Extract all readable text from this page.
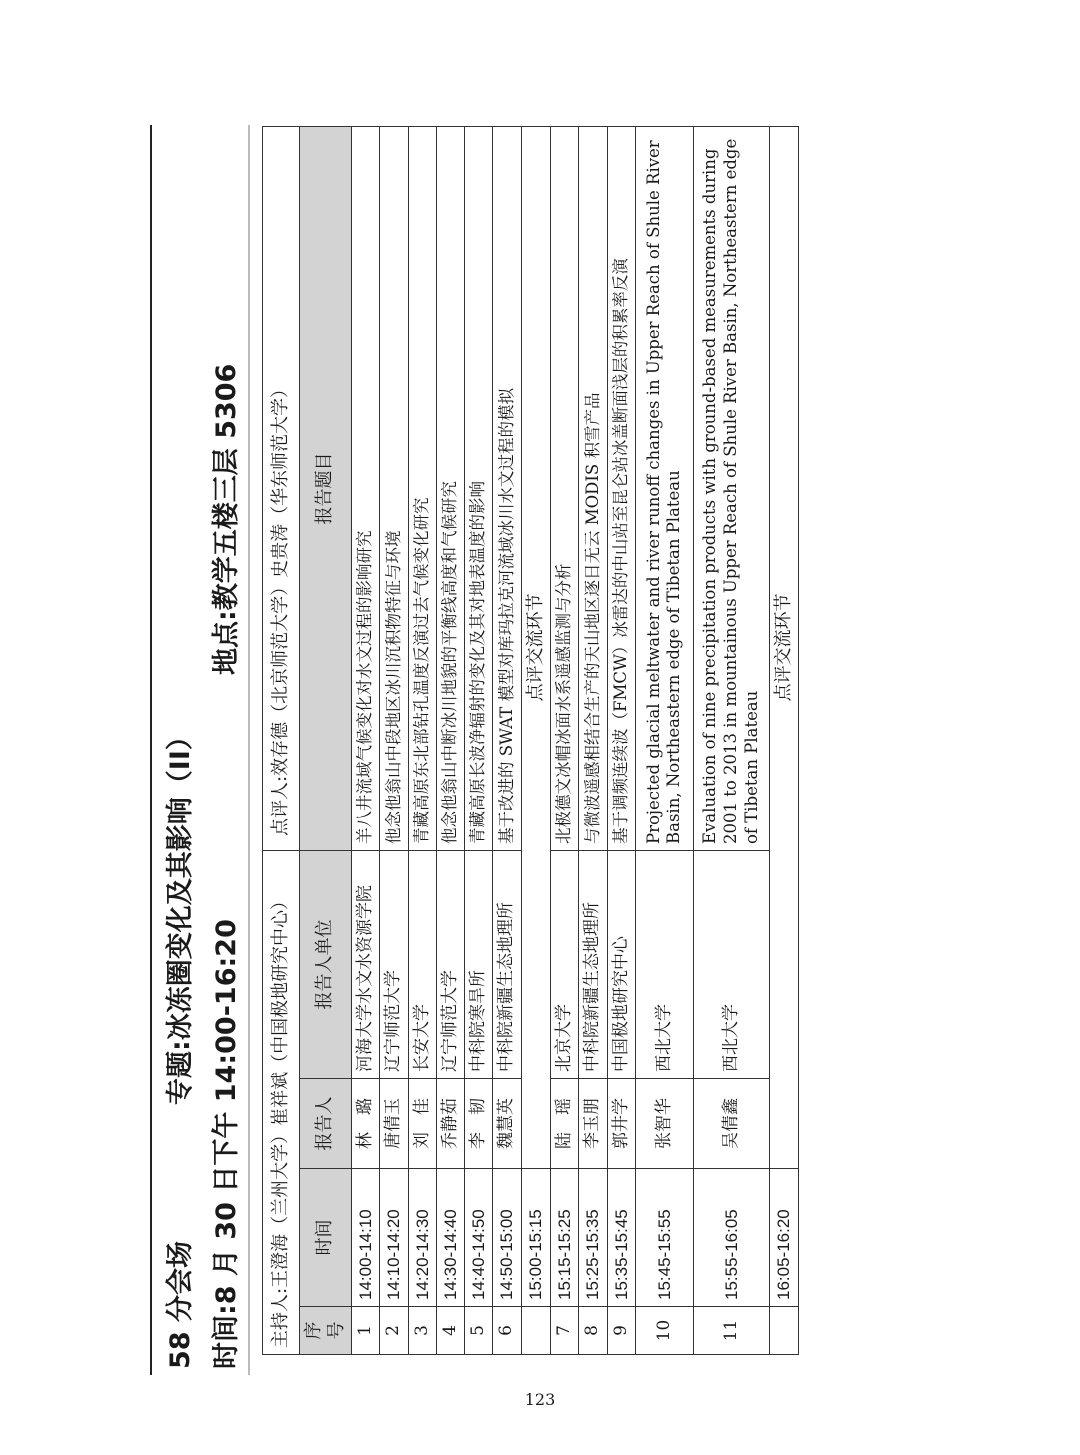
58 分会场
专题:冰冻圈变化及其影响（II）
时间:8 月 30 日下午 14:00-16:20
地点:教学五楼三层 5306
主持人:王澄海（兰州大学）崔祥斌（中国极地研究中心）				点评人:效存德（北京师范大学）史贵涛（华东师范大学）
序号	时间	报告人	报告人单位	报告题目
1	14:00-14:10	林　璐	河海大学水文水资源学院	羊八井流域气候变化对水文过程的影响研究
2	14:10-14:20	唐倩玉	辽宁师范大学	他念他翁山中段地区冰川沉积物特征与环境
3	14:20-14:30	刘　佳	长安大学	青藏高原东北部钻孔温度反演过去气候变化研究
4	14:30-14:40	乔静茹	辽宁师范大学	他念他翁山中断冰川地貌的平衡线高度和气候研究
5	14:40-14:50	李　韧	中科院寒旱所	青藏高原长波净辐射的变化及其对地表温度的影响
6	14:50-15:00	魏慧英	中科院新疆生态地理所	基于改进的 SWAT 模型对库玛拉克河流域冰川水文过程的模拟
	15:00-15:15	点评交流环节		
7	15:15-15:25	陆　瑶	北京大学	北极德文冰帽冰面水系遥感监测与分析
8	15:25-15:35	李玉朋	中科院新疆生态地理所	与微波遥感相结合生产的天山地区逐日无云 MODIS 积雪产品
9	15:35-15:45	郭井学	中国极地研究中心	基于调频连续波（FMCW）冰雷达的中山站至昆仑站冰盖断面浅层的积累率反演
10	15:45-15:55	张智华	西北大学	Projected glacial meltwater and river runoff changes in Upper Reach of Shule River Basin, Northeastern edge of Tibetan Plateau
11	15:55-16:05	吴倩鑫	西北大学	Evaluation of nine precipitation products with ground-based measurements during 2001 to 2013 in mountainous Upper Reach of Shule River Basin, Northeastern edge of Tibetan Plateau
	16:05-16:20	点评交流环节		
123
